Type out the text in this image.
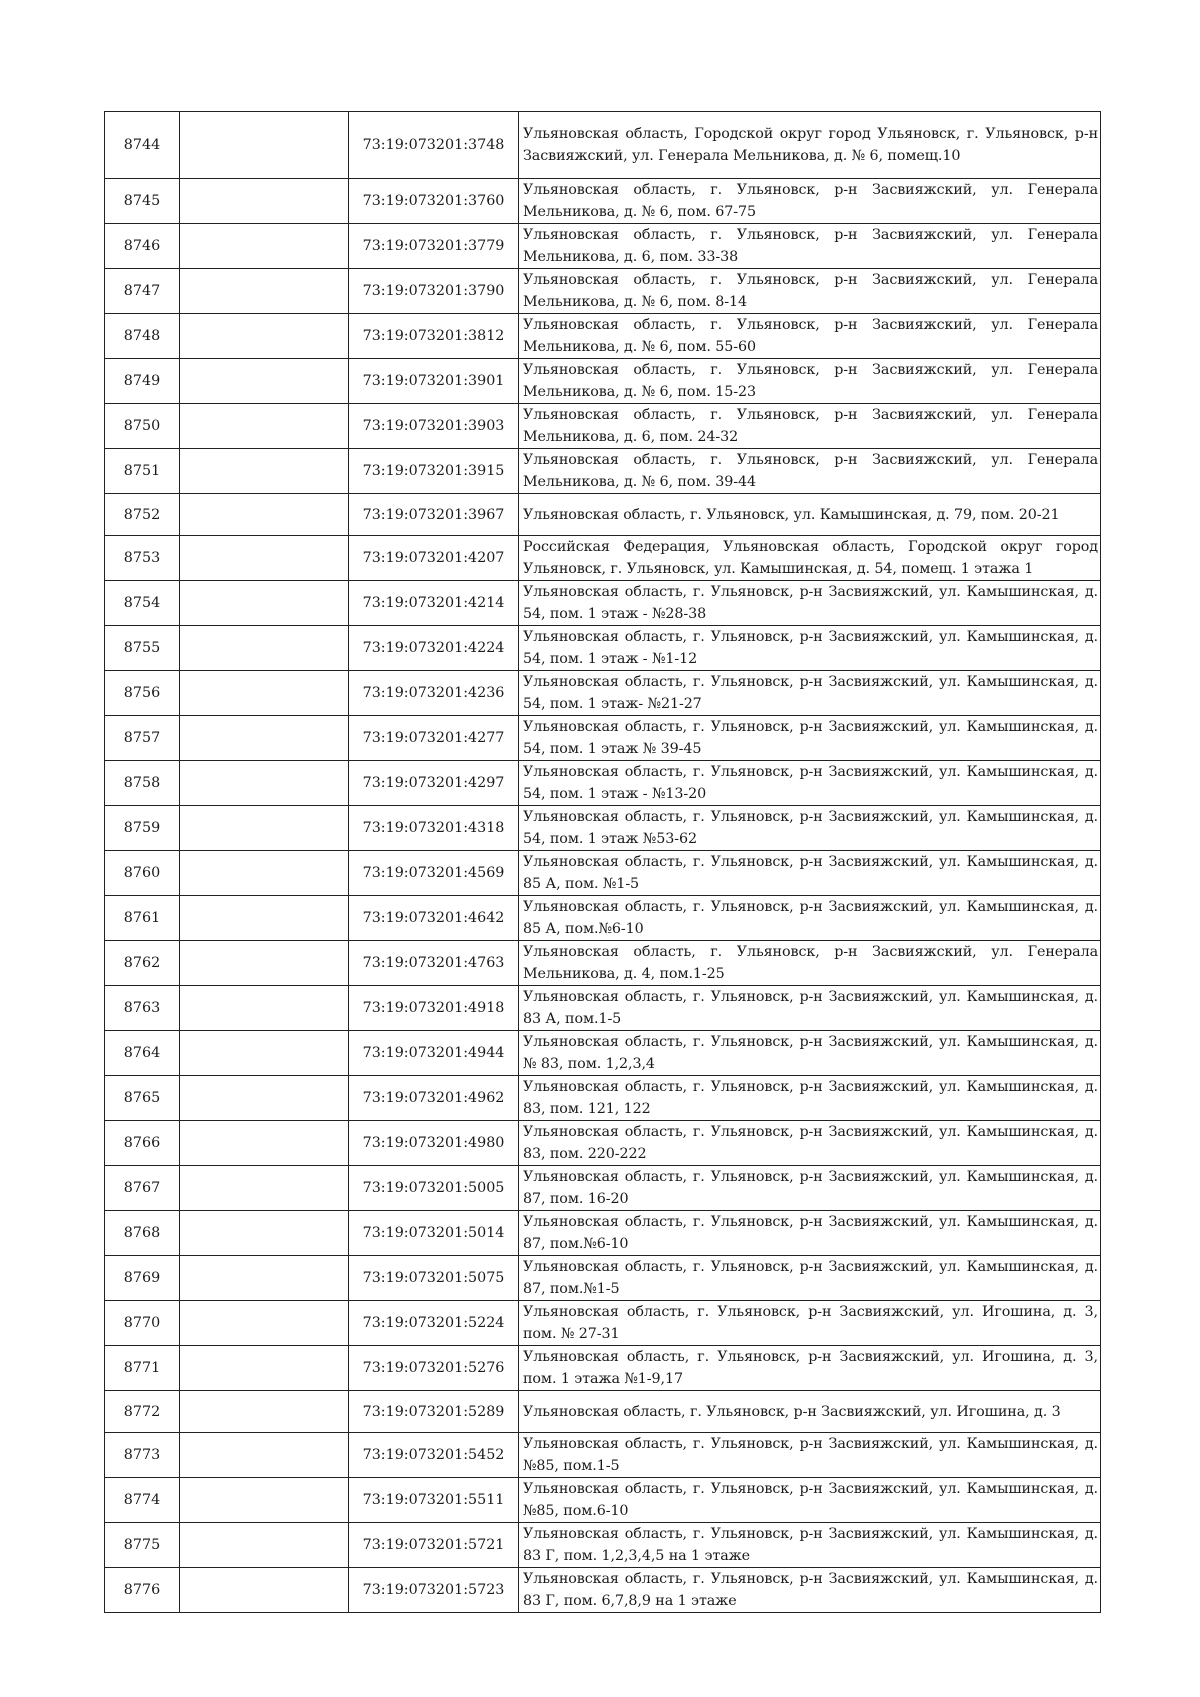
8744		73:19:073201:3748	Ульяновская область, Городской округ город Ульяновск, г. Ульяновск, р-н Засвияжский, ул. Генерала Мельникова, д. № 6, помещ.10
8745		73:19:073201:3760	Ульяновская область, г. Ульяновск, р-н Засвияжский, ул. Генерала Мельникова, д. № 6, пом. 67-75
8746		73:19:073201:3779	Ульяновская область, г. Ульяновск, р-н Засвияжский, ул. Генерала Мельникова, д. 6, пом. 33-38
8747		73:19:073201:3790	Ульяновская область, г. Ульяновск, р-н Засвияжский, ул. Генерала Мельникова, д. № 6, пом. 8-14
8748		73:19:073201:3812	Ульяновская область, г. Ульяновск, р-н Засвияжский, ул. Генерала Мельникова, д. № 6, пом. 55-60
8749		73:19:073201:3901	Ульяновская область, г. Ульяновск, р-н Засвияжский, ул. Генерала Мельникова, д. № 6, пом. 15-23
8750		73:19:073201:3903	Ульяновская область, г. Ульяновск, р-н Засвияжский, ул. Генерала Мельникова, д. 6, пом. 24-32
8751		73:19:073201:3915	Ульяновская область, г. Ульяновск, р-н Засвияжский, ул. Генерала Мельникова, д. № 6, пом. 39-44
8752		73:19:073201:3967	Ульяновская область, г. Ульяновск, ул. Камышинская, д. 79, пом. 20-21
8753		73:19:073201:4207	Российская Федерация, Ульяновская область, Городской округ город Ульяновск, г. Ульяновск, ул. Камышинская, д. 54, помещ. 1 этажа 1
8754		73:19:073201:4214	Ульяновская область, г. Ульяновск, р-н Засвияжский, ул. Камышинская, д. 54, пом. 1 этаж - №28-38
8755		73:19:073201:4224	Ульяновская область, г. Ульяновск, р-н Засвияжский, ул. Камышинская, д. 54, пом. 1 этаж - №1-12
8756		73:19:073201:4236	Ульяновская область, г. Ульяновск, р-н Засвияжский, ул. Камышинская, д. 54, пом. 1 этаж- №21-27
8757		73:19:073201:4277	Ульяновская область, г. Ульяновск, р-н Засвияжский, ул. Камышинская, д. 54, пом. 1 этаж № 39-45
8758		73:19:073201:4297	Ульяновская область, г. Ульяновск, р-н Засвияжский, ул. Камышинская, д. 54, пом. 1 этаж - №13-20
8759		73:19:073201:4318	Ульяновская область, г. Ульяновск, р-н Засвияжский, ул. Камышинская, д. 54, пом. 1 этаж №53-62
8760		73:19:073201:4569	Ульяновская область, г. Ульяновск, р-н Засвияжский, ул. Камышинская, д. 85 А, пом. №1-5
8761		73:19:073201:4642	Ульяновская область, г. Ульяновск, р-н Засвияжский, ул. Камышинская, д. 85 А, пом.№6-10
8762		73:19:073201:4763	Ульяновская область, г. Ульяновск, р-н Засвияжский, ул. Генерала Мельникова, д. 4, пом.1-25
8763		73:19:073201:4918	Ульяновская область, г. Ульяновск, р-н Засвияжский, ул. Камышинская, д. 83 А, пом.1-5
8764		73:19:073201:4944	Ульяновская область, г. Ульяновск, р-н Засвияжский, ул. Камышинская, д. № 83, пом. 1,2,3,4
8765		73:19:073201:4962	Ульяновская область, г. Ульяновск, р-н Засвияжский, ул. Камышинская, д. 83, пом. 121, 122
8766		73:19:073201:4980	Ульяновская область, г. Ульяновск, р-н Засвияжский, ул. Камышинская, д. 83, пом. 220-222
8767		73:19:073201:5005	Ульяновская область, г. Ульяновск, р-н Засвияжский, ул. Камышинская, д. 87, пом. 16-20
8768		73:19:073201:5014	Ульяновская область, г. Ульяновск, р-н Засвияжский, ул. Камышинская, д. 87, пом.№6-10
8769		73:19:073201:5075	Ульяновская область, г. Ульяновск, р-н Засвияжский, ул. Камышинская, д. 87, пом.№1-5
8770		73:19:073201:5224	Ульяновская область, г. Ульяновск, р-н Засвияжский, ул. Игошина, д. 3, пом. № 27-31
8771		73:19:073201:5276	Ульяновская область, г. Ульяновск, р-н Засвияжский, ул. Игошина, д. 3, пом. 1 этажа №1-9,17
8772		73:19:073201:5289	Ульяновская область, г. Ульяновск, р-н Засвияжский, ул. Игошина, д. 3
8773		73:19:073201:5452	Ульяновская область, г. Ульяновск, р-н Засвияжский, ул. Камышинская, д. №85, пом.1-5
8774		73:19:073201:5511	Ульяновская область, г. Ульяновск, р-н Засвияжский, ул. Камышинская, д. №85, пом.6-10
8775		73:19:073201:5721	Ульяновская область, г. Ульяновск, р-н Засвияжский, ул. Камышинская, д. 83 Г, пом. 1,2,3,4,5 на 1 этаже
8776		73:19:073201:5723	Ульяновская область, г. Ульяновск, р-н Засвияжский, ул. Камышинская, д. 83 Г, пом. 6,7,8,9 на 1 этаже
